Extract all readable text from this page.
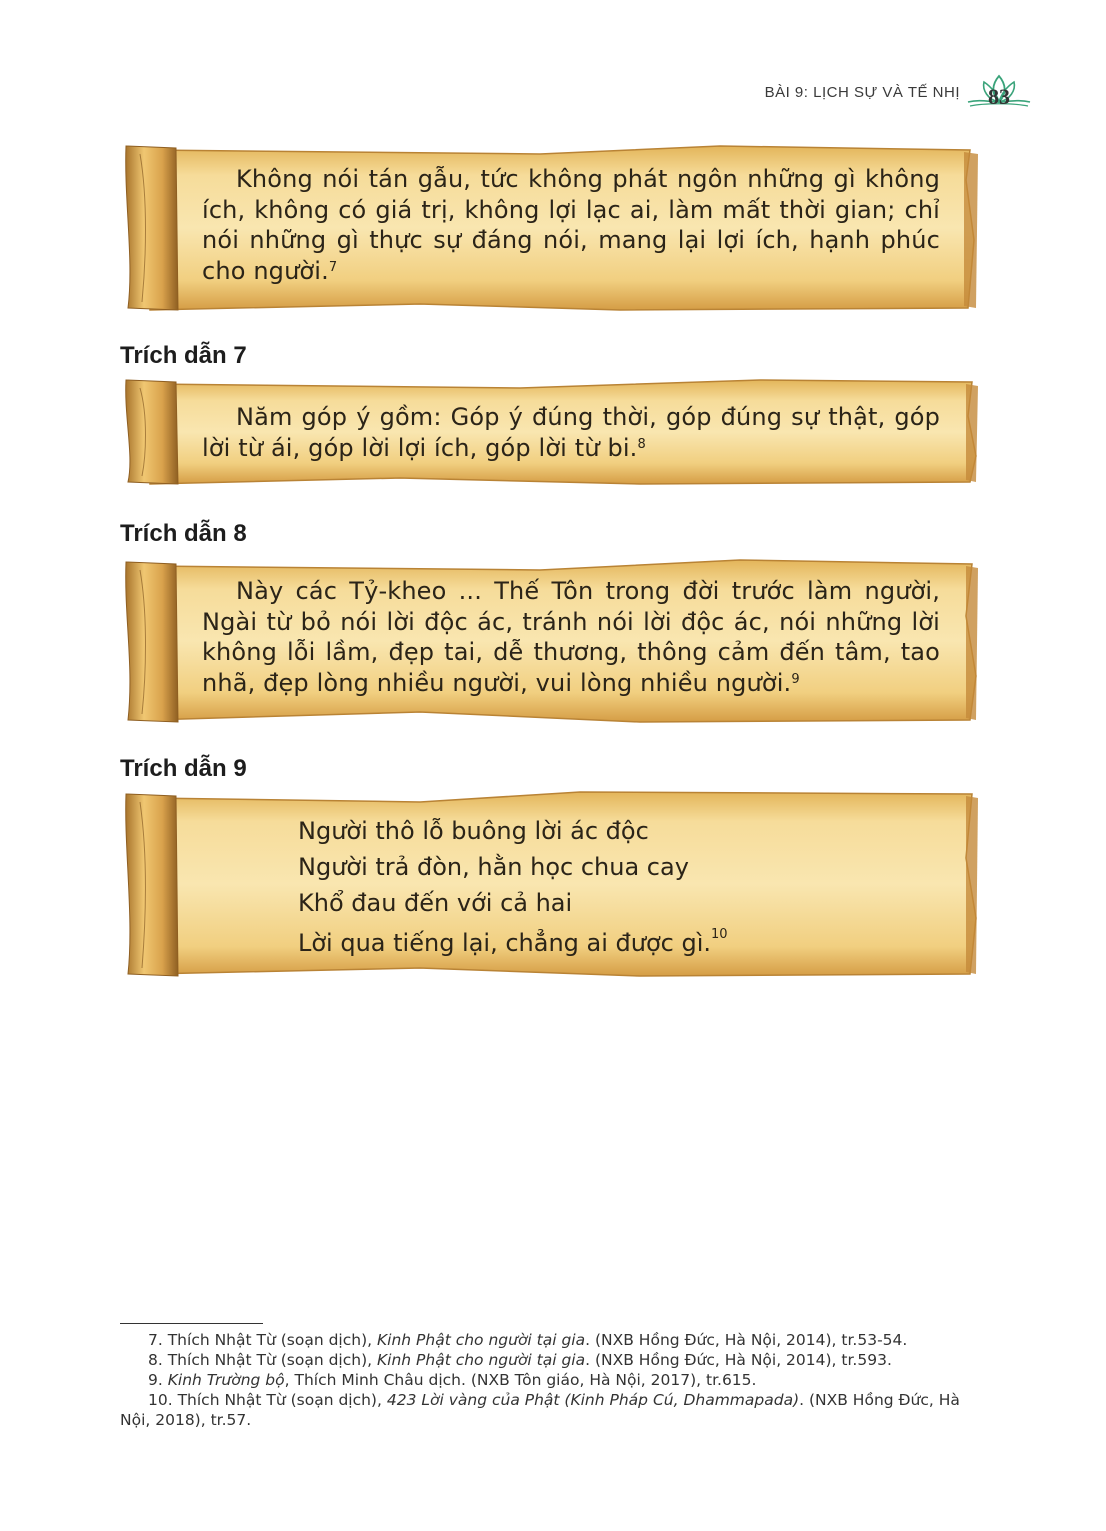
BÀI 9: LỊCH SỰ VÀ TẾ NHỊ 83

Không nói tán gẫu, tức không phát ngôn những gì không ích, không có giá trị, không lợi lạc ai, làm mất thời gian; chỉ nói những gì thực sự đáng nói, mang lại lợi ích, hạnh phúc cho người.$^7$

Trích dẫn 7

Năm góp ý gồm: Góp ý đúng thời, góp đúng sự thật, góp lời từ ái, góp lời lợi ích, góp lời từ bi.$^8$

Trích dẫn 8

Này các Tỷ-kheo ... Thế Tôn trong đời trước làm người, Ngài từ bỏ nói lời độc ác, tránh nói lời độc ác, nói những lời không lỗi lầm, đẹp tai, dễ thương, thông cảm đến tâm, tao nhã, đẹp lòng nhiều người, vui lòng nhiều người.$^9$

Trích dẫn 9
Người thô lỗ buông lời ác độc
Người trả đòn, hằn học chua cay
Khổ đau đến với cả hai
Lời qua tiếng lại, chẳng ai được gì.$^{10}$

7. Thích Nhật Từ (soạn dịch), Kinh Phật cho người tại gia. (NXB Hồng Đức, Hà Nội, 2014), tr.53-54.

8. Thích Nhật Từ (soạn dịch), Kinh Phật cho người tại gia. (NXB Hồng Đức, Hà Nội, 2014), tr.593.

9. Kinh Trường bộ, Thích Minh Châu dịch. (NXB Tôn giáo, Hà Nội, 2017), tr.615.

10. Thích Nhật Từ (soạn dịch), 423 Lời vàng của Phật (Kinh Pháp Cú, Dhammapada). (NXB Hồng Đức, Hà Nội, 2018), tr.57.
